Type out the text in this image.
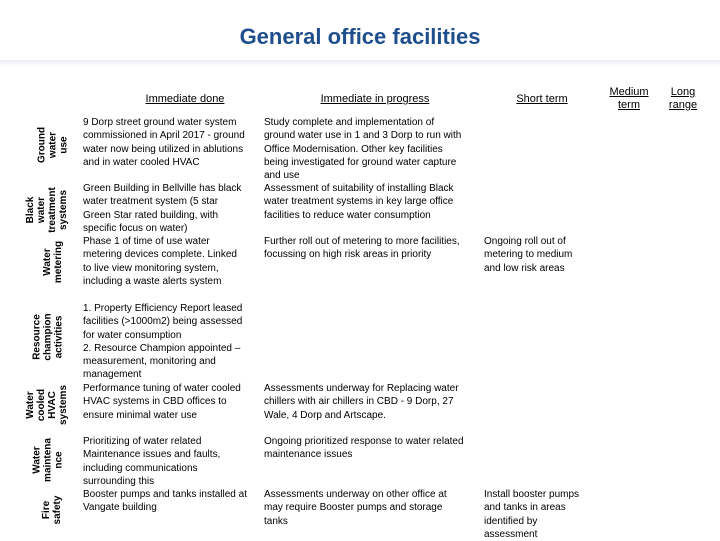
General office facilities
Immediate done	Immediate in progress	Short term
Medium
term
Long
range
Ground
water use
Black
water
treatment
systems
Water
metering
Resource
champion
activities
Water
cooled
HVAC
systems
Water
maintena
nce
Fire
safety
9 Dorp street ground water system
commissioned in April 2017 - ground
water now being utilized in ablutions
and in water cooled HVAC
Study complete and implementation of
ground water use in 1 and 3 Dorp to run with
Office Modernisation. Other key facilities
being investigated for ground water capture
and use
Green Building in Bellville has black
water treatment system (5 star
Green Star rated building, with
specific focus on water)
Assessment of suitability of installing Black
water treatment systems in key large office
facilities to reduce water consumption
Phase 1 of time of use water
metering devices complete. Linked
to live view monitoring system,
including a waste alerts system
Further roll out of metering to more facilities,
focussing on high risk areas in priority
Ongoing roll out of
metering to medium
and low risk areas
1. Property Efficiency Report leased
facilities (>1000m2) being assessed
for water consumption
2. Resource Champion appointed –
measurement, monitoring and
management
Performance tuning of water cooled
HVAC systems in CBD offices to
ensure minimal water use
Assessments underway for Replacing water
chillers with air chillers in CBD - 9 Dorp, 27
Wale, 4 Dorp and Artscape.
Prioritizing of water related
Maintenance issues and faults,
including communications
surrounding this
Ongoing prioritized response to water related
maintenance issues
Booster pumps and tanks installed at
Vangate building
Assessments underway on other office at
may require Booster pumps and storage
tanks
Install booster pumps
and tanks in areas
identified by
assessment
